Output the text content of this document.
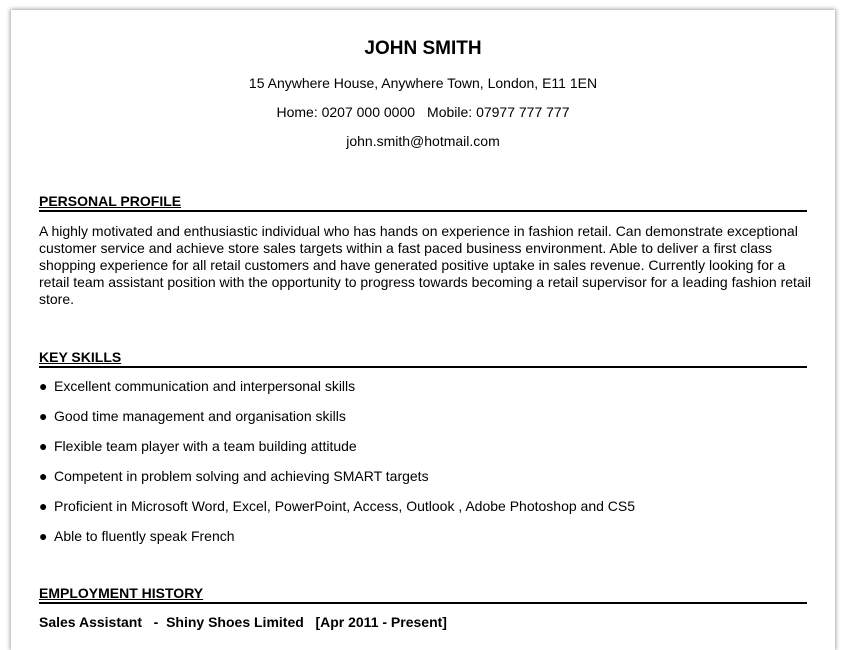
JOHN SMITH
15 Anywhere House, Anywhere Town, London, E11 1EN
Home: 0207 000 0000 Mobile: 07977 777 777
john.smith@hotmail.com
PERSONAL PROFILE
A highly motivated and enthusiastic individual who has hands on experience in fashion retail. Can demonstrate exceptional customer service and achieve store sales targets within a fast paced business environment. Able to deliver a first class shopping experience for all retail customers and have generated positive uptake in sales revenue. Currently looking for a retail team assistant position with the opportunity to progress towards becoming a retail supervisor for a leading fashion retail store.
KEY SKILLS
● Excellent communication and interpersonal skills
● Good time management and organisation skills
● Flexible team player with a team building attitude
● Competent in problem solving and achieving SMART targets
● Proficient in Microsoft Word, Excel, PowerPoint, Access, Outlook , Adobe Photoshop and CS5
● Able to fluently speak French
EMPLOYMENT HISTORY
Sales Assistant   -  Shiny Shoes Limited   [Apr 2011 - Present]
